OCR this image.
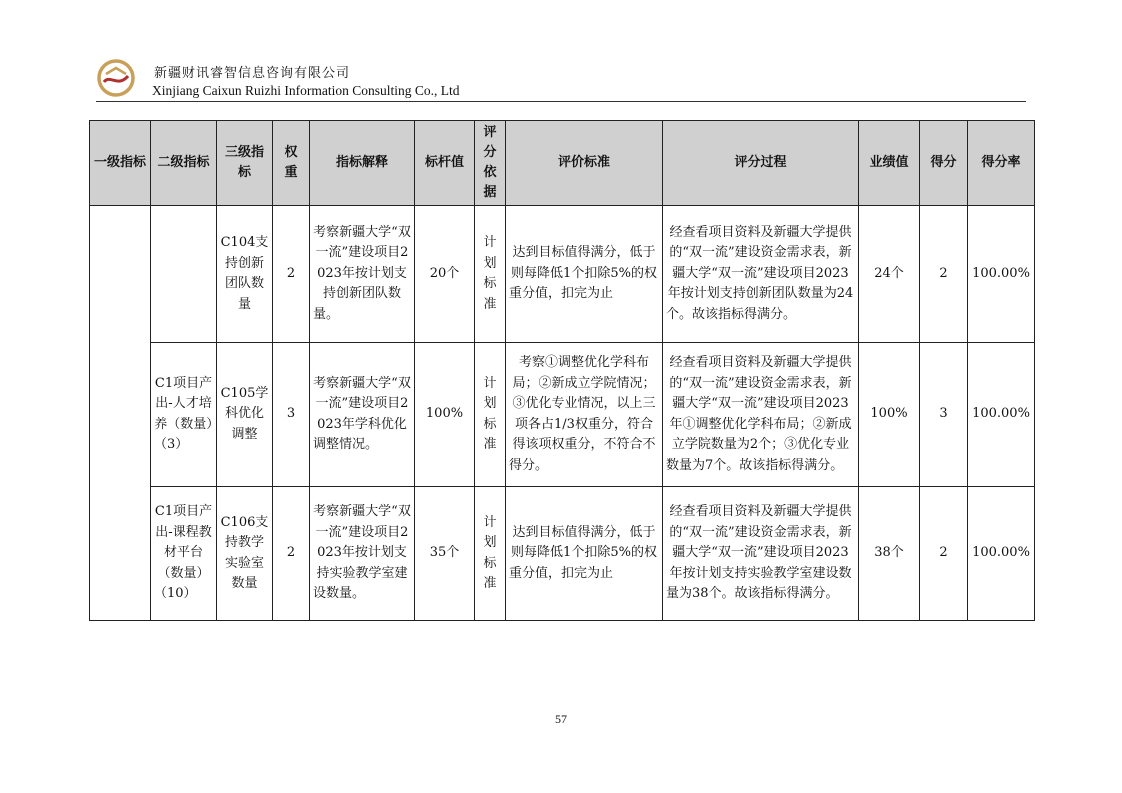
新疆财讯睿智信息咨询有限公司
Xinjiang Caixun Ruizhi Information Consulting Co., Ltd
一级指标	二级指标	三级指标	权重	指标解释	标杆值	评分依据	评价标准	评分过程	业绩值	得分	得分率
		C104支持创新团队数量	2	考察新疆大学“双一流”建设项目2023年按计划支持创新团队数量。	20个	计划标准	达到目标值得满分，低于则每降低1个扣除5%的权重分值，扣完为止	经查看项目资料及新疆大学提供的“双一流”建设资金需求表，新疆大学“双一流”建设项目2023年按计划支持创新团队数量为24个。故该指标得满分。	24个	2	100.00%
	C1项目产出-人才培养（数量）（3）	C105学科优化调整	3	考察新疆大学“双一流”建设项目2023年学科优化调整情况。	100%	计划标准	考察①调整优化学科布局；②新成立学院情况；③优化专业情况，以上三项各占1/3权重分，符合得该项权重分，不符合不得分。	经查看项目资料及新疆大学提供的“双一流”建设资金需求表，新疆大学“双一流”建设项目2023年①调整优化学科布局；②新成立学院数量为2个；③优化专业数量为7个。故该指标得满分。	100%	3	100.00%
	C1项目产出-课程教材平台（数量）（10）	C106支持教学实验室数量	2	考察新疆大学“双一流”建设项目2023年按计划支持实验教学室建设数量。	35个	计划标准	达到目标值得满分，低于则每降低1个扣除5%的权重分值，扣完为止	经查看项目资料及新疆大学提供的“双一流”建设资金需求表，新疆大学“双一流”建设项目2023年按计划支持实验教学室建设数量为38个。故该指标得满分。	38个	2	100.00%
57
